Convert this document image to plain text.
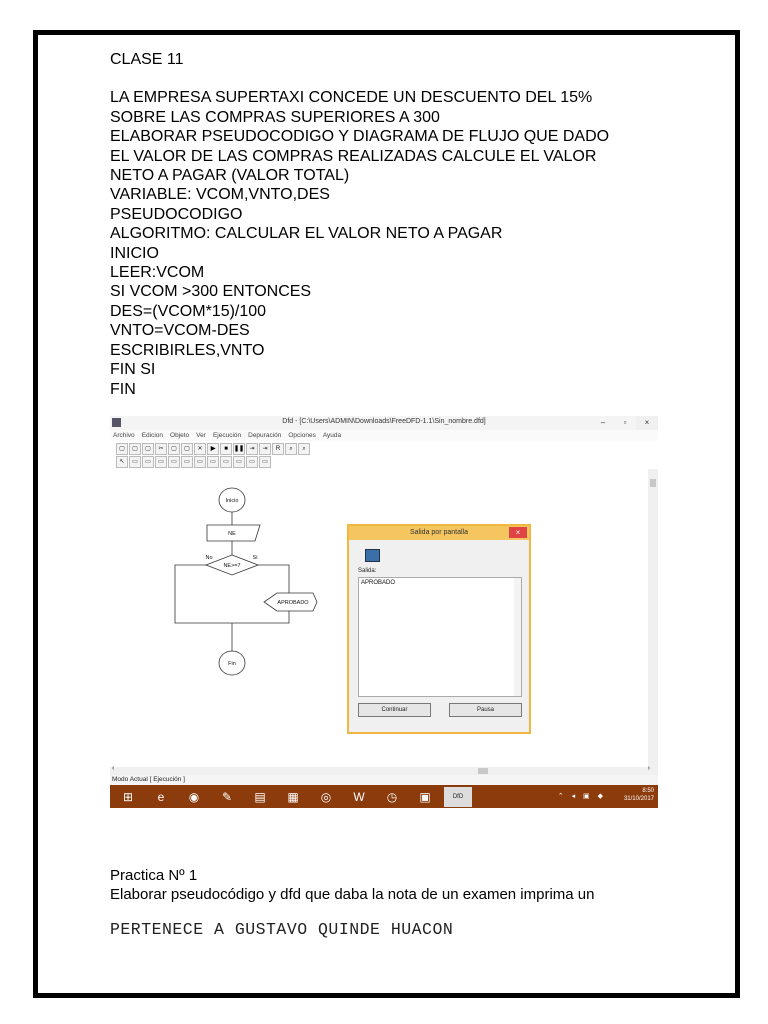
CLASE 11
LA EMPRESA SUPERTAXI CONCEDE UN DESCUENTO DEL 15%
SOBRE LAS COMPRAS SUPERIORES A 300
ELABORAR PSEUDOCODIGO Y DIAGRAMA DE FLUJO QUE DADO
EL VALOR DE LAS COMPRAS REALIZADAS CALCULE EL VALOR
NETO A PAGAR (VALOR TOTAL)
VARIABLE: VCOM,VNTO,DES
PSEUDOCODIGO
ALGORITMO: CALCULAR EL VALOR NETO A PAGAR
INICIO
LEER:VCOM
SI VCOM >300 ENTONCES
DES=(VCOM*15)/100
VNTO=VCOM-DES
ESCRIBIRLES,VNTO
FIN SI
FIN
Dfd - [C:\Users\ADMIN\Downloads\FreeDFD-1.1\Sin_nombre.dfd]	–	▫	×
Archivo Edicion Objeto Ver Ejecución Depuración Opciones Ayuda
▢	▢	▢	✂	▢	▢	✕	▶	■	❚❚ ⇥	⇥	R	⌕	⌕
↖	▭	▭	▭	▭	▭	▭	▭	▭	▭	▭	▭
Inicio
NE
NE>=7
No	Si
APROBADO
Fin
Salida por pantalla	×
Salida:
APROBADO
Continuar	Pausa
‹	›
Modo Actual [ Ejecución ]
⊞	e	◉	✎	▤	▦	◎	W	◷	▣	DfD	⌃ ◂ ▣ ◆
8:50
31/10/2017
Practica Nº 1
Elaborar pseudocódigo y dfd que daba la nota de un examen imprima un
PERTENECE A GUSTAVO QUINDE HUACON
